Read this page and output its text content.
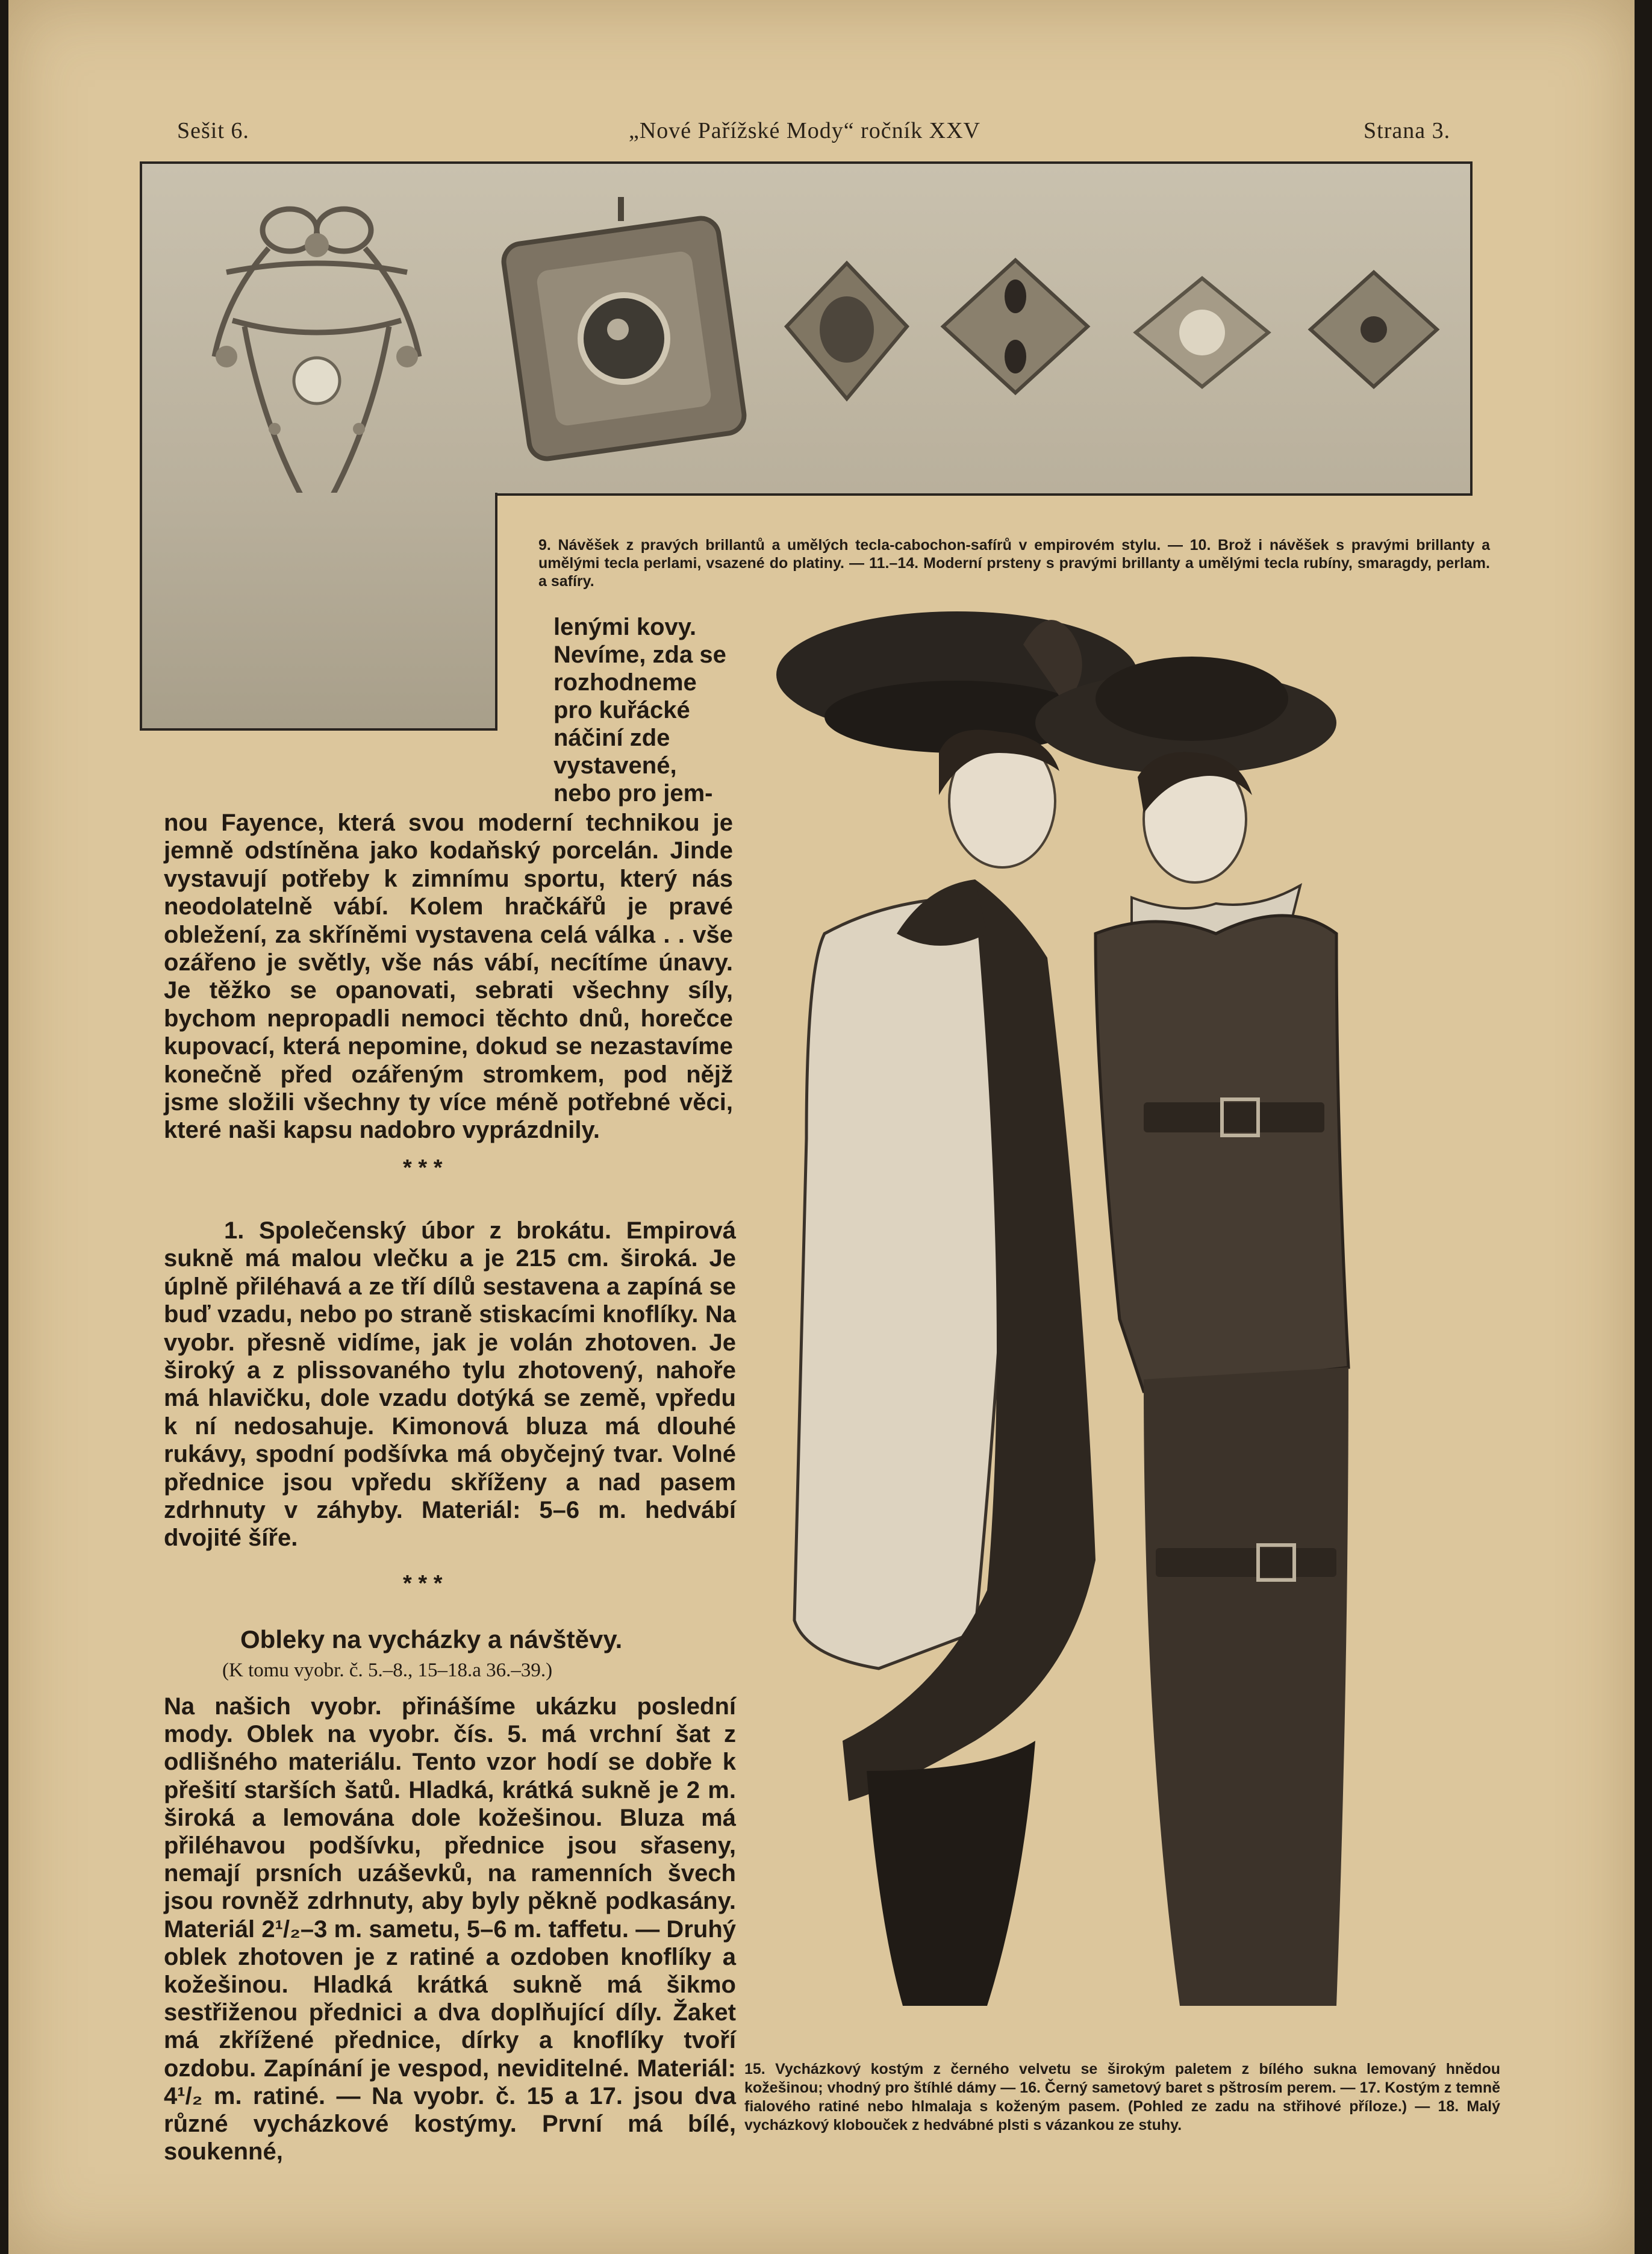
Sešit 6.	„Nové Pařížské Mody“ ročník XXV	Strana 3.
9. Návěšek z pravých brillantů a umělých tecla-cabochon-safírů v empirovém stylu. — 10. Brož i návěšek s pravými brillanty a umělými tecla perlami, vsazené do platiny. — 11.–14. Moderní prsteny s pravými brillanty a umělými tecla rubíny, smaragdy, perlam. a safíry.
lenými kovy. Nevíme, zda se rozhodneme pro kuřácké náčiní zde vystavené, nebo pro jem-
nou Fayence, která svou moderní technikou je jemně odstíněna jako kodaňský porcelán. Jinde vystavují potřeby k zimnímu sportu, který nás neodolatelně vábí. Kolem hračkářů je pravé obležení, za skříněmi vystavena celá válka . . vše ozářeno je světly, vše nás vábí, necítíme únavy. Je těžko se opanovati, sebrati všechny síly, bychom nepropadli nemoci těchto dnů, horečce kupovací, která nepomine, dokud se nezastavíme konečně před ozářeným stromkem, pod nějž jsme složili všechny ty více méně potřebné věci, které naši kapsu nadobro vyprázdnily.
* * *
1. Společenský úbor z brokátu. Empirová sukně má malou vlečku a je 215 cm. široká. Je úplně přiléhavá a ze tří dílů sestavena a zapíná se buď vzadu, nebo po straně stiskacími knoflíky. Na vyobr. přesně vidíme, jak je volán zhotoven. Je široký a z plissovaného tylu zhotovený, nahoře má hlavičku, dole vzadu dotýká se země, vpředu k ní nedosahuje. Kimonová bluza má dlouhé rukávy, spodní podšívka má obyčejný tvar. Volné přednice jsou vpředu skříženy a nad pasem zdrhnuty v záhyby. Materiál: 5–6 m. hedvábí dvojité šíře.
* * *
Obleky na vycházky a návštěvy.
(K tomu vyobr. č. 5.–8., 15–18.a 36.–39.)
Na našich vyobr. přinášíme ukázku poslední mody. Oblek na vyobr. čís. 5. má vrchní šat z odlišného materiálu. Tento vzor hodí se dobře k přešití starších šatů. Hladká, krátká sukně je 2 m. široká a lemována dole kožešinou. Bluza má přiléhavou podšívku, přednice jsou sřaseny, nemají prsních uzáševků, na ramenních švech jsou rovněž zdrhnuty, aby byly pěkně podkasány. Materiál 2¹/₂–3 m. sametu, 5–6 m. taffetu. — Druhý oblek zhotoven je z ratiné a ozdoben knoflíky a kožešinou. Hladká krátká sukně má šikmo sestřiženou přednici a dva doplňující díly. Žaket má zkřížené přednice, dírky a knoflíky tvoří ozdobu. Zapínání je vespod, neviditelné. Materiál: 4¹/₂ m. ratiné. — Na vyobr. č. 15 a 17. jsou dva různé vycházkové kostýmy. První má bílé, soukenné,
15. Vycházkový kostým z černého velvetu se širokým paletem z bílého sukna lemovaný hnědou kožešinou; vhodný pro štíhlé dámy — 16. Černý sametový baret s pštrosím perem. — 17. Kostým z temně fialového ratiné nebo hlmalaja s koženým pasem. (Pohled ze zadu na střihové příloze.) — 18. Malý vycházkový klobouček z hedvábné plsti s vázankou ze stuhy.
